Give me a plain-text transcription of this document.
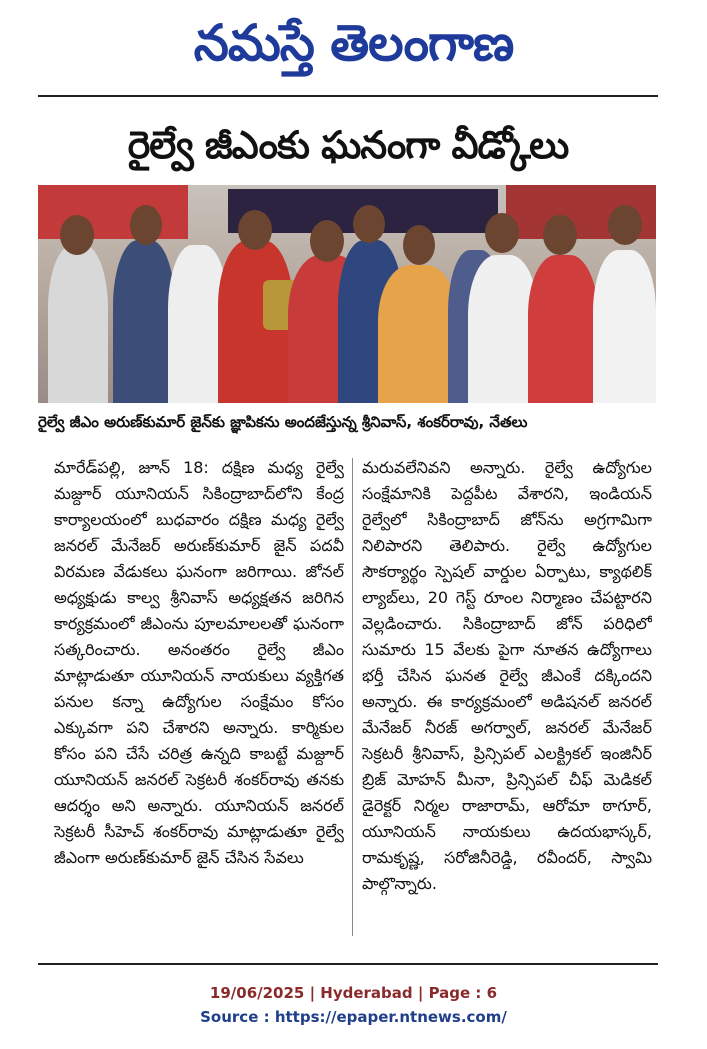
నమస్తే తెలంగాణ
రైల్వే జీఎంకు ఘనంగా వీడ్కోలు
రైల్వే జీఎం అరుణ్‌కుమార్ జైన్‌కు జ్ఞాపికను అందజేస్తున్న శ్రీనివాస్, శంకర్‌రావు, నేతలు

మారేడ్‌పల్లి, జూన్ 18: దక్షిణ మధ్య రైల్వే మజ్దూర్ యూనియన్ సికింద్రాబాద్‌లోని కేంద్ర కార్యాలయంలో బుధవారం దక్షిణ మధ్య రైల్వే జనరల్ మేనేజర్ అరుణ్‌కుమార్ జైన్ పదవీ విరమణ వేడుకలు ఘనంగా జరిగాయి. జోనల్ అధ్యక్షుడు కాల్వ శ్రీనివాస్ అధ్యక్షతన జరిగిన కార్యక్రమంలో జీఎంను పూలమాలలతో ఘనంగా సత్కరించారు. అనంతరం రైల్వే జీఎం మాట్లాడుతూ యూనియన్ నాయకులు వ్యక్తిగత పనుల కన్నా ఉద్యోగుల సంక్షేమం కోసం ఎక్కువగా పని చేశారని అన్నారు. కార్మికుల కోసం పని చేసే చరిత్ర ఉన్నది కాబట్టే మజ్దూర్ యూనియన్ జనరల్ సెక్రటరీ శంకర్‌రావు తనకు ఆదర్శం అని అన్నారు. యూనియన్ జనరల్ సెక్రటరీ సీహెచ్ శంకర్‌రావు మాట్లాడుతూ రైల్వే జీఎంగా అరుణ్‌కుమార్ జైన్ చేసిన సేవలు

మరువలేనివని అన్నారు. రైల్వే ఉద్యోగుల సంక్షేమానికి పెద్దపీట వేశారని, ఇండియన్ రైల్వేలో సికింద్రాబాద్ జోన్‌ను అగ్రగామిగా నిలిపారని తెలిపారు. రైల్వే ఉద్యోగుల సౌకర్యార్థం స్పెషల్ వార్డుల ఏర్పాటు, క్యాథలిక్ ల్యాబ్‌లు, 20 గెస్ట్ రూంల నిర్మాణం చేపట్టారని వెల్లడించారు. సికింద్రాబాద్ జోన్ పరిధిలో సుమారు 15 వేలకు పైగా నూతన ఉద్యోగాలు భర్తీ చేసిన ఘనత రైల్వే జీఎంకే దక్కిందని అన్నారు. ఈ కార్యక్రమంలో అడిషనల్ జనరల్ మేనేజర్ నీరజ్ అగర్వాల్, జనరల్ మేనేజర్ సెక్రటరీ శ్రీనివాస్, ప్రిన్సిపల్ ఎలక్ట్రికల్ ఇంజినీర్ బ్రిజ్ మోహన్ మీనా, ప్రిన్సిపల్ చీఫ్ మెడికల్ డైరెక్టర్ నిర్మల రాజారామ్, ఆరోమా ఠాగూర్, యూనియన్ నాయకులు ఉదయభాస్కర్, రామకృష్ణ, సరోజినీరెడ్డి, రవీందర్, స్వామి పాల్గొన్నారు.

19/06/2025 | Hyderabad | Page : 6
Source : https://epaper.ntnews.com/
